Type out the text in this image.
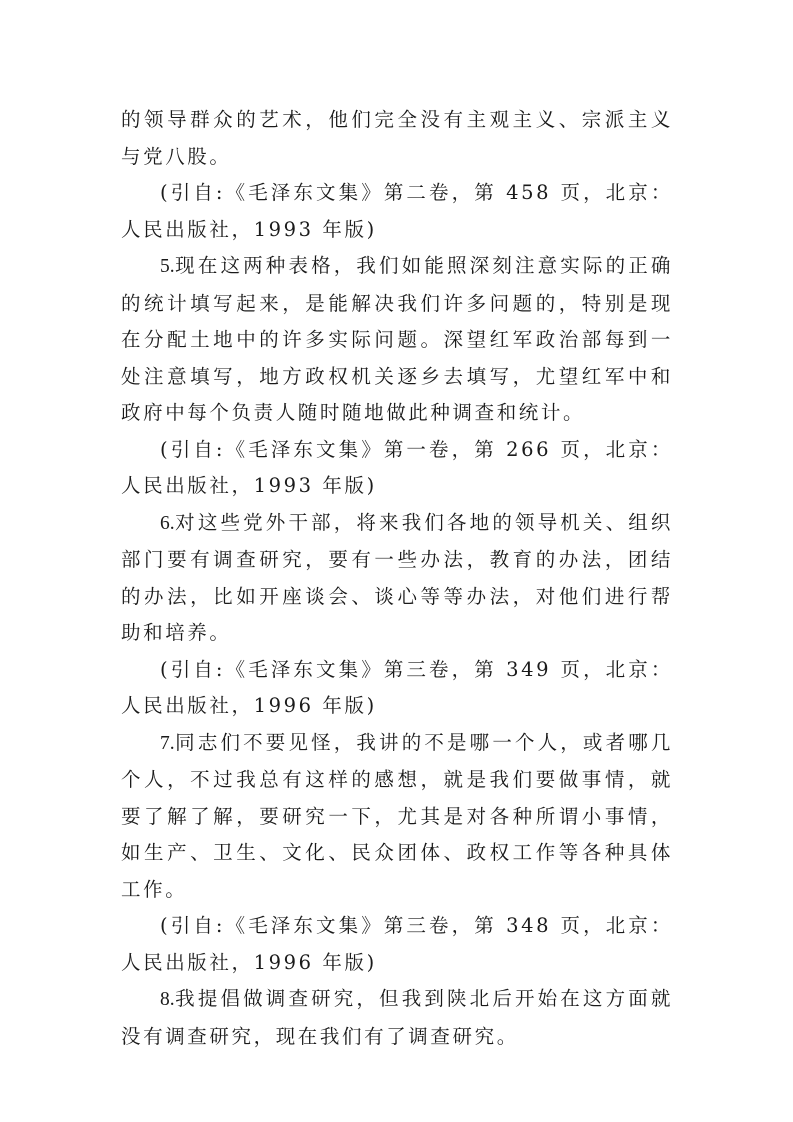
的领导群众的艺术，他们完全没有主观主义、宗派主义与党八股。

(引自:《毛泽东文集》第二卷，第 458 页，北京：人民出版社，1993 年版)

5.现在这两种表格，我们如能照深刻注意实际的正确的统计填写起来，是能解决我们许多问题的，特别是现在分配土地中的许多实际问题。深望红军政治部每到一处注意填写，地方政权机关逐乡去填写，尤望红军中和政府中每个负责人随时随地做此种调查和统计。

(引自:《毛泽东文集》第一卷，第 266 页，北京：人民出版社，1993 年版)

6.对这些党外干部，将来我们各地的领导机关、组织部门要有调查研究，要有一些办法，教育的办法，团结的办法，比如开座谈会、谈心等等办法，对他们进行帮助和培养。

(引自:《毛泽东文集》第三卷，第 349 页，北京：人民出版社，1996 年版)

7.同志们不要见怪，我讲的不是哪一个人，或者哪几个人，不过我总有这样的感想，就是我们要做事情，就要了解了解，要研究一下，尤其是对各种所谓小事情，如生产、卫生、文化、民众团体、政权工作等各种具体工作。

(引自:《毛泽东文集》第三卷，第 348 页，北京：人民出版社，1996 年版)

8.我提倡做调查研究，但我到陕北后开始在这方面就没有调查研究，现在我们有了调查研究。
